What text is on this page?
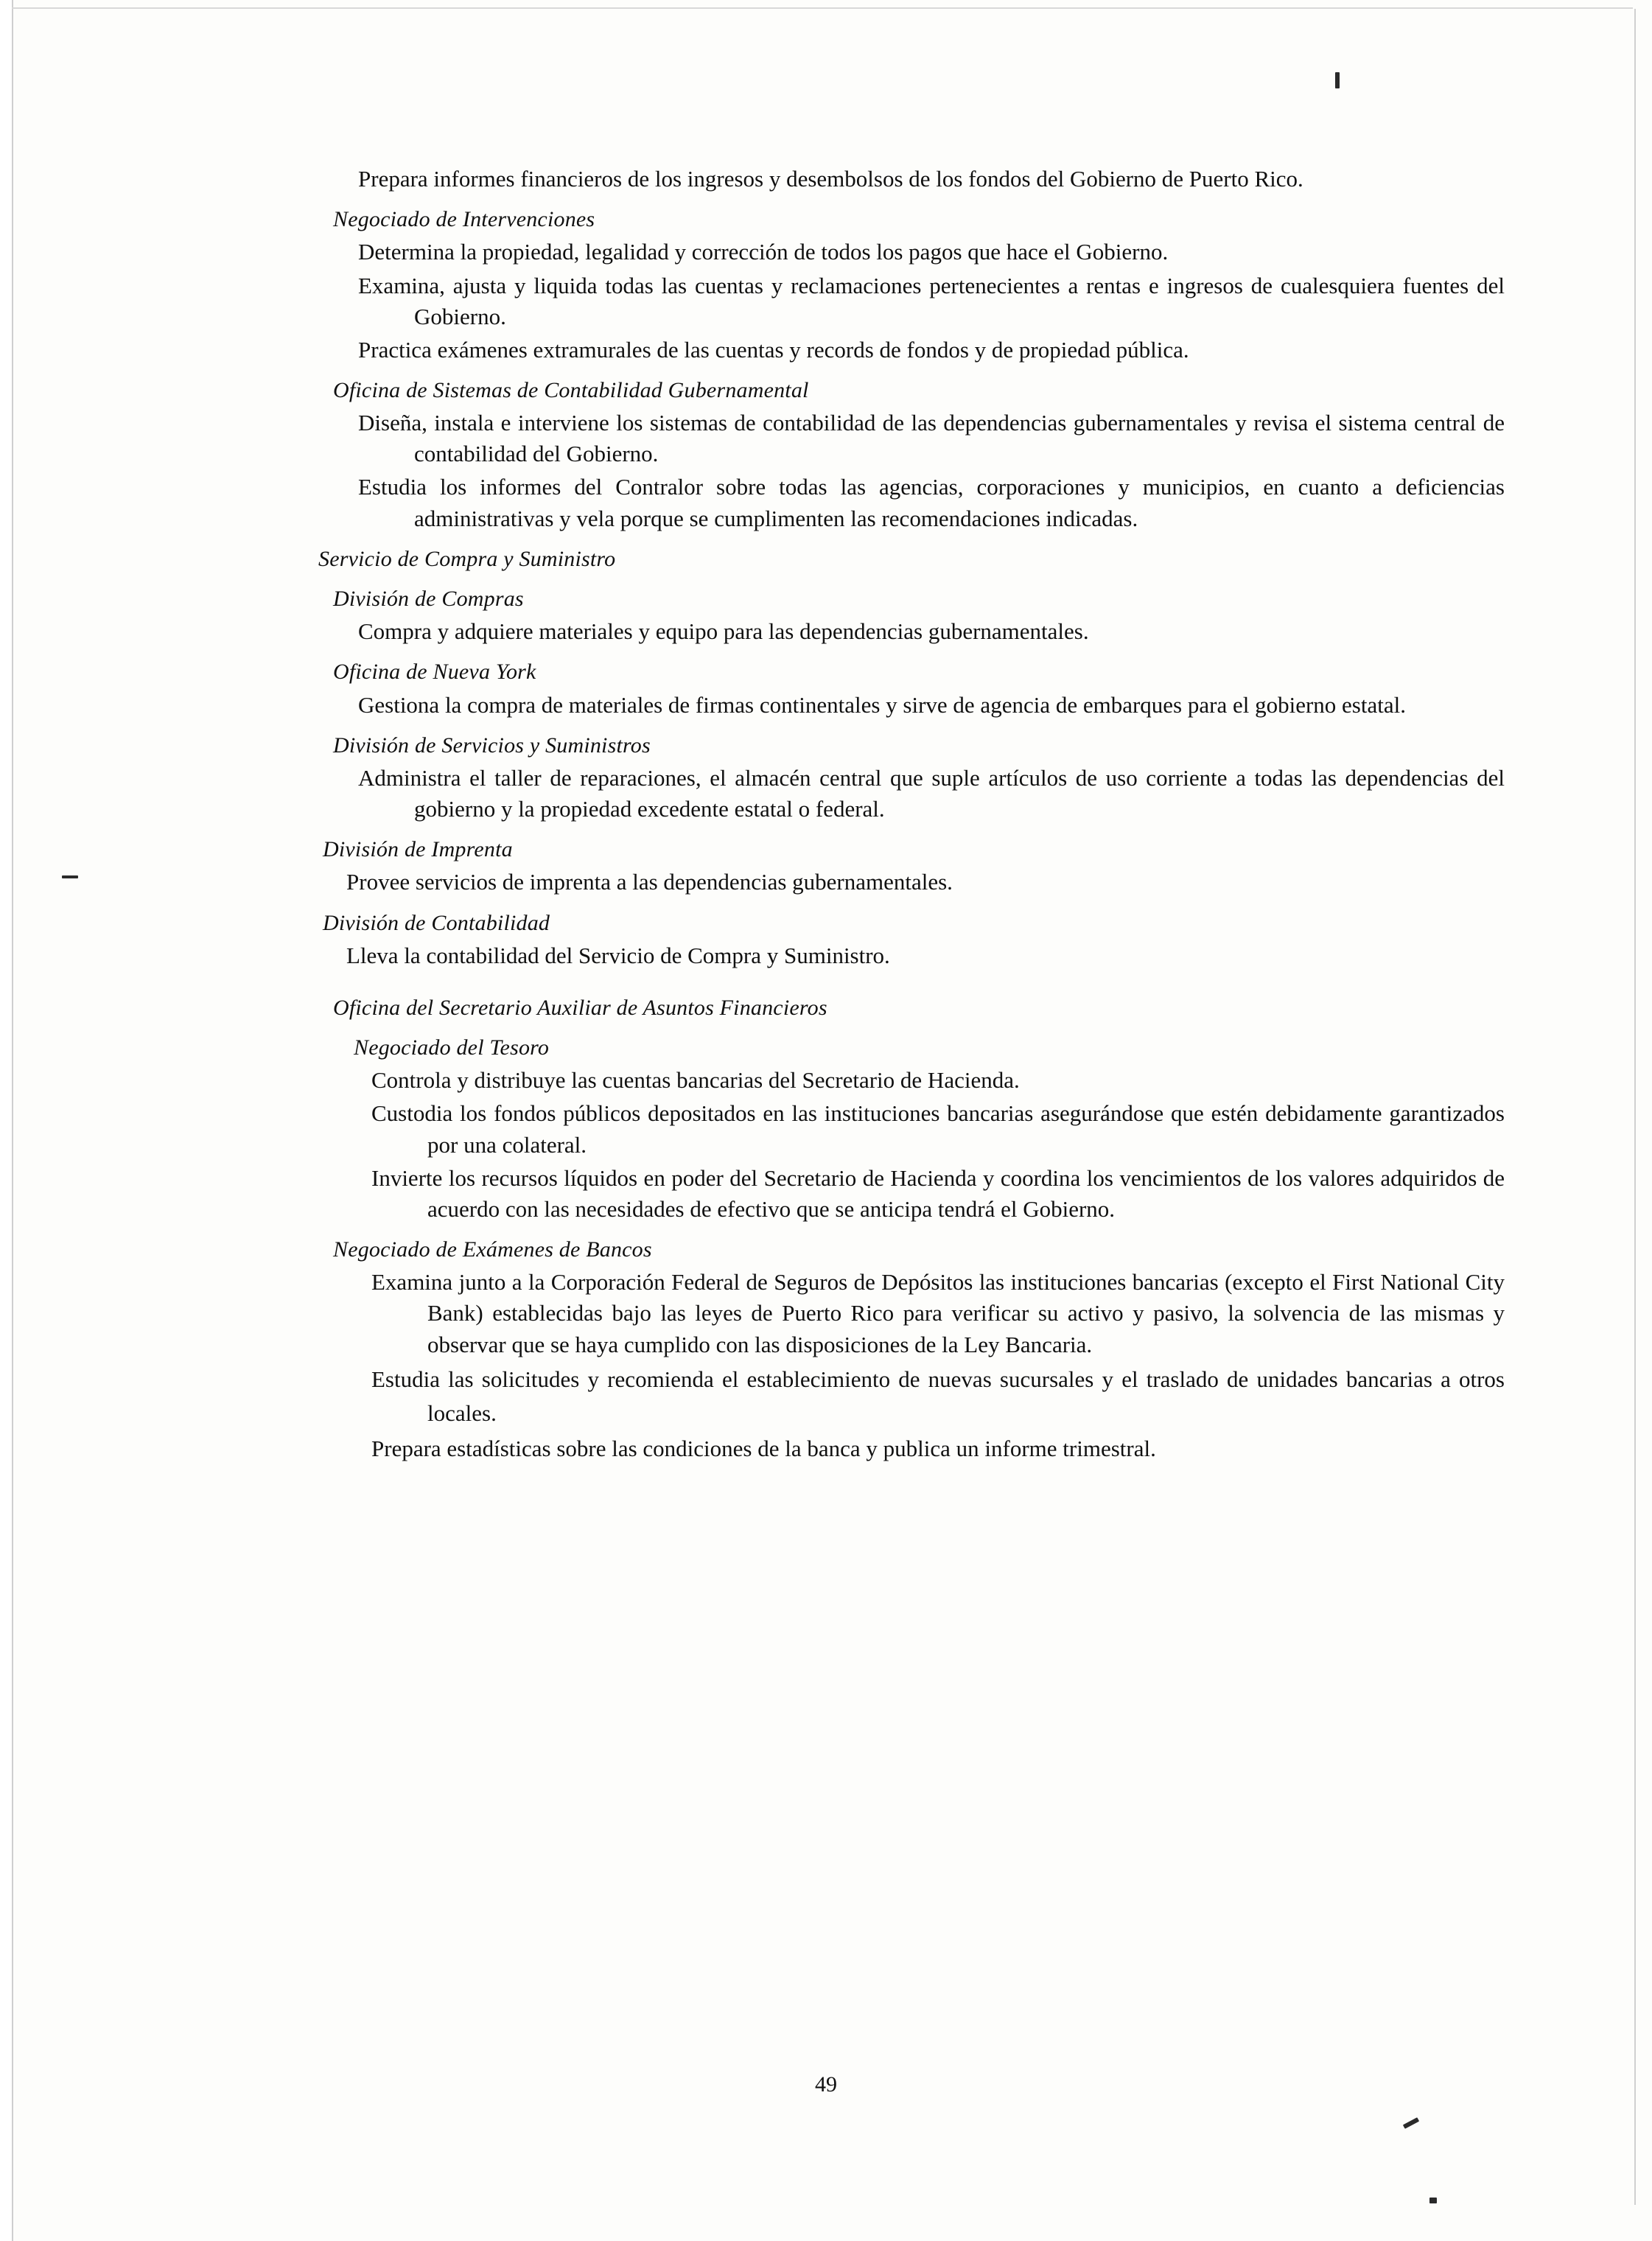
Prepara informes financieros de los ingresos y desembolsos de los fondos del Gobierno de Puerto Rico.

Negociado de Intervenciones

Determina la propiedad, legalidad y corrección de todos los pagos que hace el Gobierno.

Examina, ajusta y liquida todas las cuentas y reclamaciones pertenecientes a rentas e ingresos de cualesquiera fuentes del Gobierno.

Practica exámenes extramurales de las cuentas y records de fondos y de propiedad pública.

Oficina de Sistemas de Contabilidad Gubernamental

Diseña, instala e interviene los sistemas de contabilidad de las dependencias gubernamentales y revisa el sistema central de contabilidad del Gobierno.

Estudia los informes del Contralor sobre todas las agencias, corporaciones y municipios, en cuanto a deficiencias administrativas y vela porque se cumplimenten las recomendaciones indicadas.

Servicio de Compra y Suministro
División de Compras

Compra y adquiere materiales y equipo para las dependencias gubernamentales.

Oficina de Nueva York

Gestiona la compra de materiales de firmas continentales y sirve de agencia de embarques para el gobierno estatal.

División de Servicios y Suministros

Administra el taller de reparaciones, el almacén central que suple artículos de uso corriente a todas las dependencias del gobierno y la propiedad excedente estatal o federal.

División de Imprenta

Provee servicios de imprenta a las dependencias gubernamentales.

División de Contabilidad

Lleva la contabilidad del Servicio de Compra y Suministro.

Oficina del Secretario Auxiliar de Asuntos Financieros
Negociado del Tesoro

Controla y distribuye las cuentas bancarias del Secretario de Hacienda.

Custodia los fondos públicos depositados en las instituciones bancarias asegurándose que estén debidamente garantizados por una colateral.

Invierte los recursos líquidos en poder del Secretario de Hacienda y coordina los vencimientos de los valores adquiridos de acuerdo con las necesidades de efectivo que se anticipa tendrá el Gobierno.

Negociado de Exámenes de Bancos

Examina junto a la Corporación Federal de Seguros de Depósitos las instituciones bancarias (excepto el First National City Bank) establecidas bajo las leyes de Puerto Rico para verificar su activo y pasivo, la solvencia de las mismas y observar que se haya cumplido con las disposiciones de la Ley Bancaria.

Estudia las solicitudes y recomienda el establecimiento de nuevas sucursales y el traslado de unidades bancarias a otros locales.

Prepara estadísticas sobre las condiciones de la banca y publica un informe trimestral.

49
